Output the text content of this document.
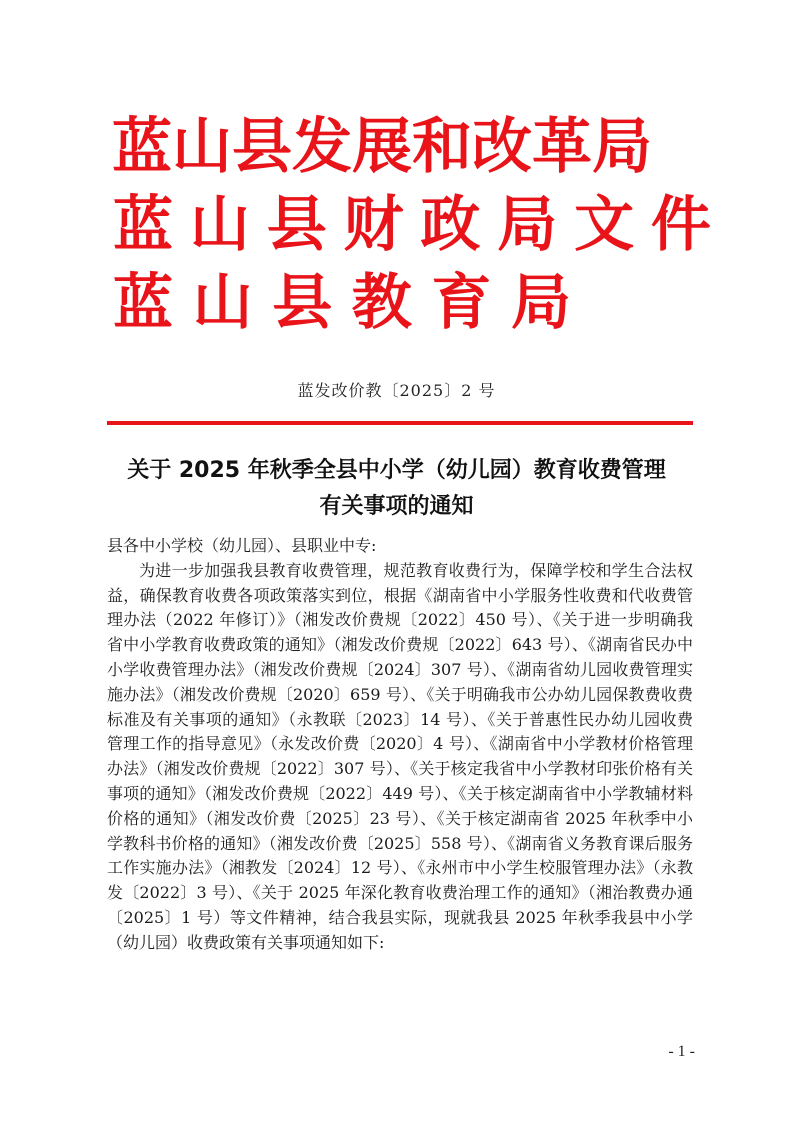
蓝 山 县 发 展 和 改 革 局
蓝 山 县 财 政 局 文 件
蓝 山 县 教 育 局
蓝发改价教〔2025〕2 号
关于 2025 年秋季全县中小学（幼儿园）教育收费管理
有关事项的通知

县各中小学校（幼儿园）、县职业中专:

为进一步加强我县教育收费管理，规范教育收费行为，保障学校和学生合法权益，确保教育收费各项政策落实到位，根据《湖南省中小学服务性收费和代收费管理办法（2022 年修订）》（湘发改价费规〔2022〕450 号）、《关于进一步明确我省中小学教育收费政策的通知》（湘发改价费规〔2022〕643 号）、《湖南省民办中小学收费管理办法》（湘发改价费规〔2024〕307 号）、《湖南省幼儿园收费管理实施办法》（湘发改价费规〔2020〕659 号）、《关于明确我市公办幼儿园保教费收费标准及有关事项的通知》（永教联〔2023〕14 号）、《关于普惠性民办幼儿园收费管理工作的指导意见》（永发改价费〔2020〕4 号）、《湖南省中小学教材价格管理办法》（湘发改价费规〔2022〕307 号）、《关于核定我省中小学教材印张价格有关事项的通知》（湘发改价费规〔2022〕449 号）、《关于核定湖南省中小学教辅材料价格的通知》（湘发改价费〔2025〕23 号）、《关于核定湖南省 2025 年秋季中小学教科书价格的通知》（湘发改价费〔2025〕558 号）、《湖南省义务教育课后服务工作实施办法》（湘教发〔2024〕12 号）、《永州市中小学生校服管理办法》（永教发〔2022〕3 号）、《关于 2025 年深化教育收费治理工作的通知》（湘治教费办通〔2025〕1 号）等文件精神，结合我县实际，现就我县 2025 年秋季我县中小学（幼儿园）收费政策有关事项通知如下:

- 1 -
